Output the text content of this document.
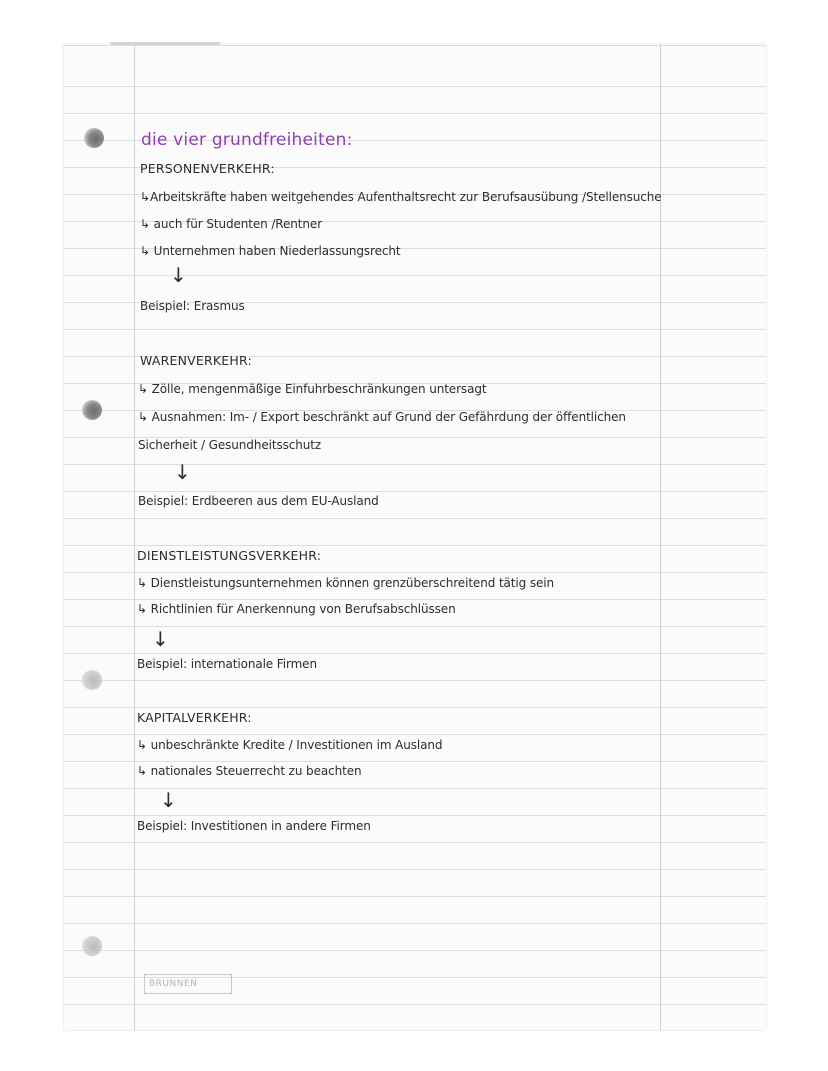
die vier grundfreiheiten:

PERSONENVERKEHR:

↳Arbeitskräfte haben weitgehendes Aufenthaltsrecht zur Berufsausübung /Stellensuche

↳ auch für Studenten /Rentner

↳ Unternehmen haben Niederlassungsrecht

↓

Beispiel: Erasmus

WARENVERKEHR:

↳ Zölle, mengenmäßige Einfuhrbeschränkungen untersagt

↳ Ausnahmen: Im- / Export beschränkt auf Grund der Gefährdung der öffentlichen

Sicherheit / Gesundheitsschutz

↓

Beispiel: Erdbeeren aus dem EU-Ausland

DIENSTLEISTUNGSVERKEHR:

↳ Dienstleistungsunternehmen können grenzüberschreitend tätig sein

↳ Richtlinien für Anerkennung von Berufsabschlüssen

↓

Beispiel: internationale Firmen

KAPITALVERKEHR:

↳ unbeschränkte Kredite / Investitionen im Ausland

↳ nationales Steuerrecht zu beachten

↓

Beispiel: Investitionen in andere Firmen

BRUNNEN
